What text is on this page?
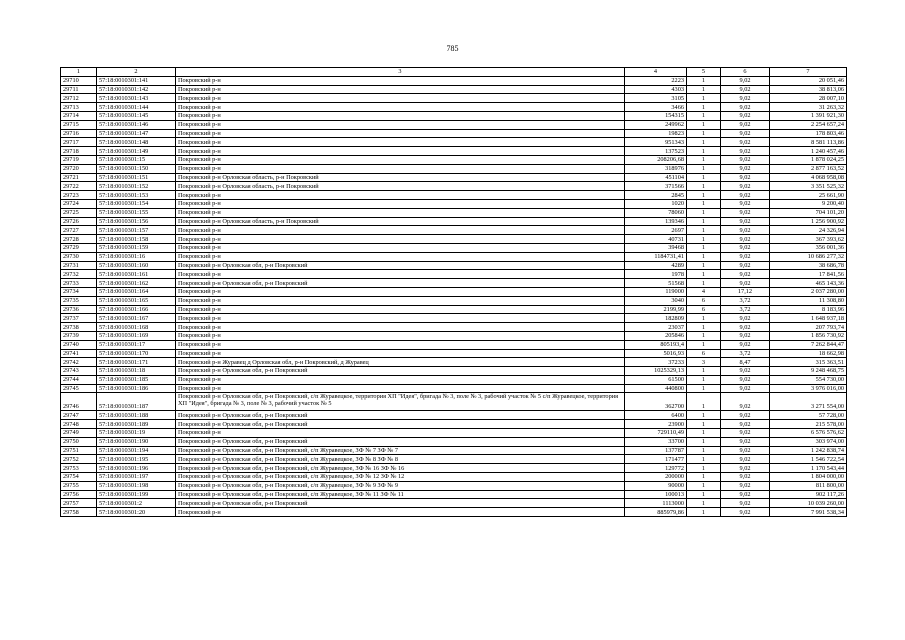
785
1	2	3	4	5	6	7
29710	57:18:0010301:141	Покровский р-н	2223	1	9,02	20 051,46
29711	57:18:0010301:142	Покровский р-н	4303	1	9,02	38 813,06
29712	57:18:0010301:143	Покровский р-н	3105	1	9,02	28 007,10
29713	57:18:0010301:144	Покровский р-н	3466	1	9,02	31 263,32
29714	57:18:0010301:145	Покровский р-н	154315	1	9,02	1 391 921,30
29715	57:18:0010301:146	Покровский р-н	249962	1	9,02	2 254 657,24
29716	57:18:0010301:147	Покровский р-н	19823	1	9,02	178 803,46
29717	57:18:0010301:148	Покровский р-н	951343	1	9,02	8 581 113,86
29718	57:18:0010301:149	Покровский р-н	137523	1	9,02	1 240 457,46
29719	57:18:0010301:15	Покровский р-н	208206,68	1	9,02	1 878 024,25
29720	57:18:0010301:150	Покровский р-н	318976	1	9,02	2 877 163,52
29721	57:18:0010301:151	Покровский р-н Орловская область, р-н Покровский	451104	1	9,02	4 068 958,08
29722	57:18:0010301:152	Покровский р-н Орловская область, р-н Покровский	371566	1	9,02	3 351 525,32
29723	57:18:0010301:153	Покровский р-н	2845	1	9,02	25 661,90
29724	57:18:0010301:154	Покровский р-н	1020	1	9,02	9 200,40
29725	57:18:0010301:155	Покровский р-н	78060	1	9,02	704 101,20
29726	57:18:0010301:156	Покровский р-н Орловская область, р-н Покровский	139346	1	9,02	1 256 900,92
29727	57:18:0010301:157	Покровский р-н	2697	1	9,02	24 326,94
29728	57:18:0010301:158	Покровский р-н	40731	1	9,02	367 393,62
29729	57:18:0010301:159	Покровский р-н	39468	1	9,02	356 001,36
29730	57:18:0010301:16	Покровский р-н	1184731,41	1	9,02	10 686 277,32
29731	57:18:0010301:160	Покровский р-н Орловская обл, р-н Покровский	4289	1	9,02	38 686,78
29732	57:18:0010301:161	Покровский р-н	1978	1	9,02	17 841,56
29733	57:18:0010301:162	Покровский р-н Орловская обл, р-н Покровский	51568	1	9,02	465 143,36
29734	57:18:0010301:164	Покровский р-н	119000	4	17,12	2 037 280,00
29735	57:18:0010301:165	Покровский р-н	3040	6	3,72	11 308,80
29736	57:18:0010301:166	Покровский р-н	2199,99	6	3,72	8 183,96
29737	57:18:0010301:167	Покровский р-н	182809	1	9,02	1 648 937,18
29738	57:18:0010301:168	Покровский р-н	23037	1	9,02	207 793,74
29739	57:18:0010301:169	Покровский р-н	205846	1	9,02	1 856 730,92
29740	57:18:0010301:17	Покровский р-н	805193,4	1	9,02	7 262 844,47
29741	57:18:0010301:170	Покровский р-н	5016,93	6	3,72	18 662,98
29742	57:18:0010301:171	Покровский р-н Журавец д Орловская обл, р-н Покровский, д Журавец	37233	3	8,47	315 363,51
29743	57:18:0010301:18	Покровский р-н Орловская обл, р-н Покровский	1025329,13	1	9,02	9 248 468,75
29744	57:18:0010301:185	Покровский р-н	61500	1	9,02	554 730,00
29745	57:18:0010301:186	Покровский р-н	440800	1	9,02	3 976 016,00
29746	57:18:0010301:187	Покровский р-н Орловская обл, р-н Покровский, с/п Журавецкое, территория ХП "Идея", бригада № 3, поле № 3, рабочий участок № 5 с/п Журавецкое, территория ХП "Идея", бригада № 3, поле № 3, рабочий участок № 5	362700	1	9,02	3 271 554,00
29747	57:18:0010301:188	Покровский р-н Орловская обл, р-н Покровский	6400	1	9,02	57 728,00
29748	57:18:0010301:189	Покровский р-н Орловская обл, р-н Покровский	23900	1	9,02	215 578,00
29749	57:18:0010301:19	Покровский р-н	729110,49	1	9,02	6 576 576,62
29750	57:18:0010301:190	Покровский р-н Орловская обл, р-н Покровский	33700	1	9,02	303 974,00
29751	57:18:0010301:194	Покровский р-н Орловская обл, р-н Покровский, с/п Журавецкое, ЗФ № 7 ЗФ № 7	137787	1	9,02	1 242 838,74
29752	57:18:0010301:195	Покровский р-н Орловская обл, р-н Покровский, с/п Журавецкое, ЗФ № 8 ЗФ № 8	171477	1	9,02	1 546 722,54
29753	57:18:0010301:196	Покровский р-н Орловская обл, р-н Покровский, с/п Журавецкое, ЗФ № 16 ЗФ № 16	129772	1	9,02	1 170 543,44
29754	57:18:0010301:197	Покровский р-н Орловская обл, р-н Покровский, с/п Журавецкое, ЗФ № 12 ЗФ № 12	200000	1	9,02	1 804 000,00
29755	57:18:0010301:198	Покровский р-н Орловская обл, р-н Покровский, с/п Журавецкое, ЗФ № 9 ЗФ № 9	90000	1	9,02	811 800,00
29756	57:18:0010301:199	Покровский р-н Орловская обл, р-н Покровский, с/п Журавецкое, ЗФ № 11 ЗФ № 11	100013	1	9,02	902 117,26
29757	57:18:0010301:2	Покровский р-н Орловская обл, р-н Покровский	1113000	1	9,02	10 039 260,00
29758	57:18:0010301:20	Покровский р-н	885979,86	1	9,02	7 991 538,34
